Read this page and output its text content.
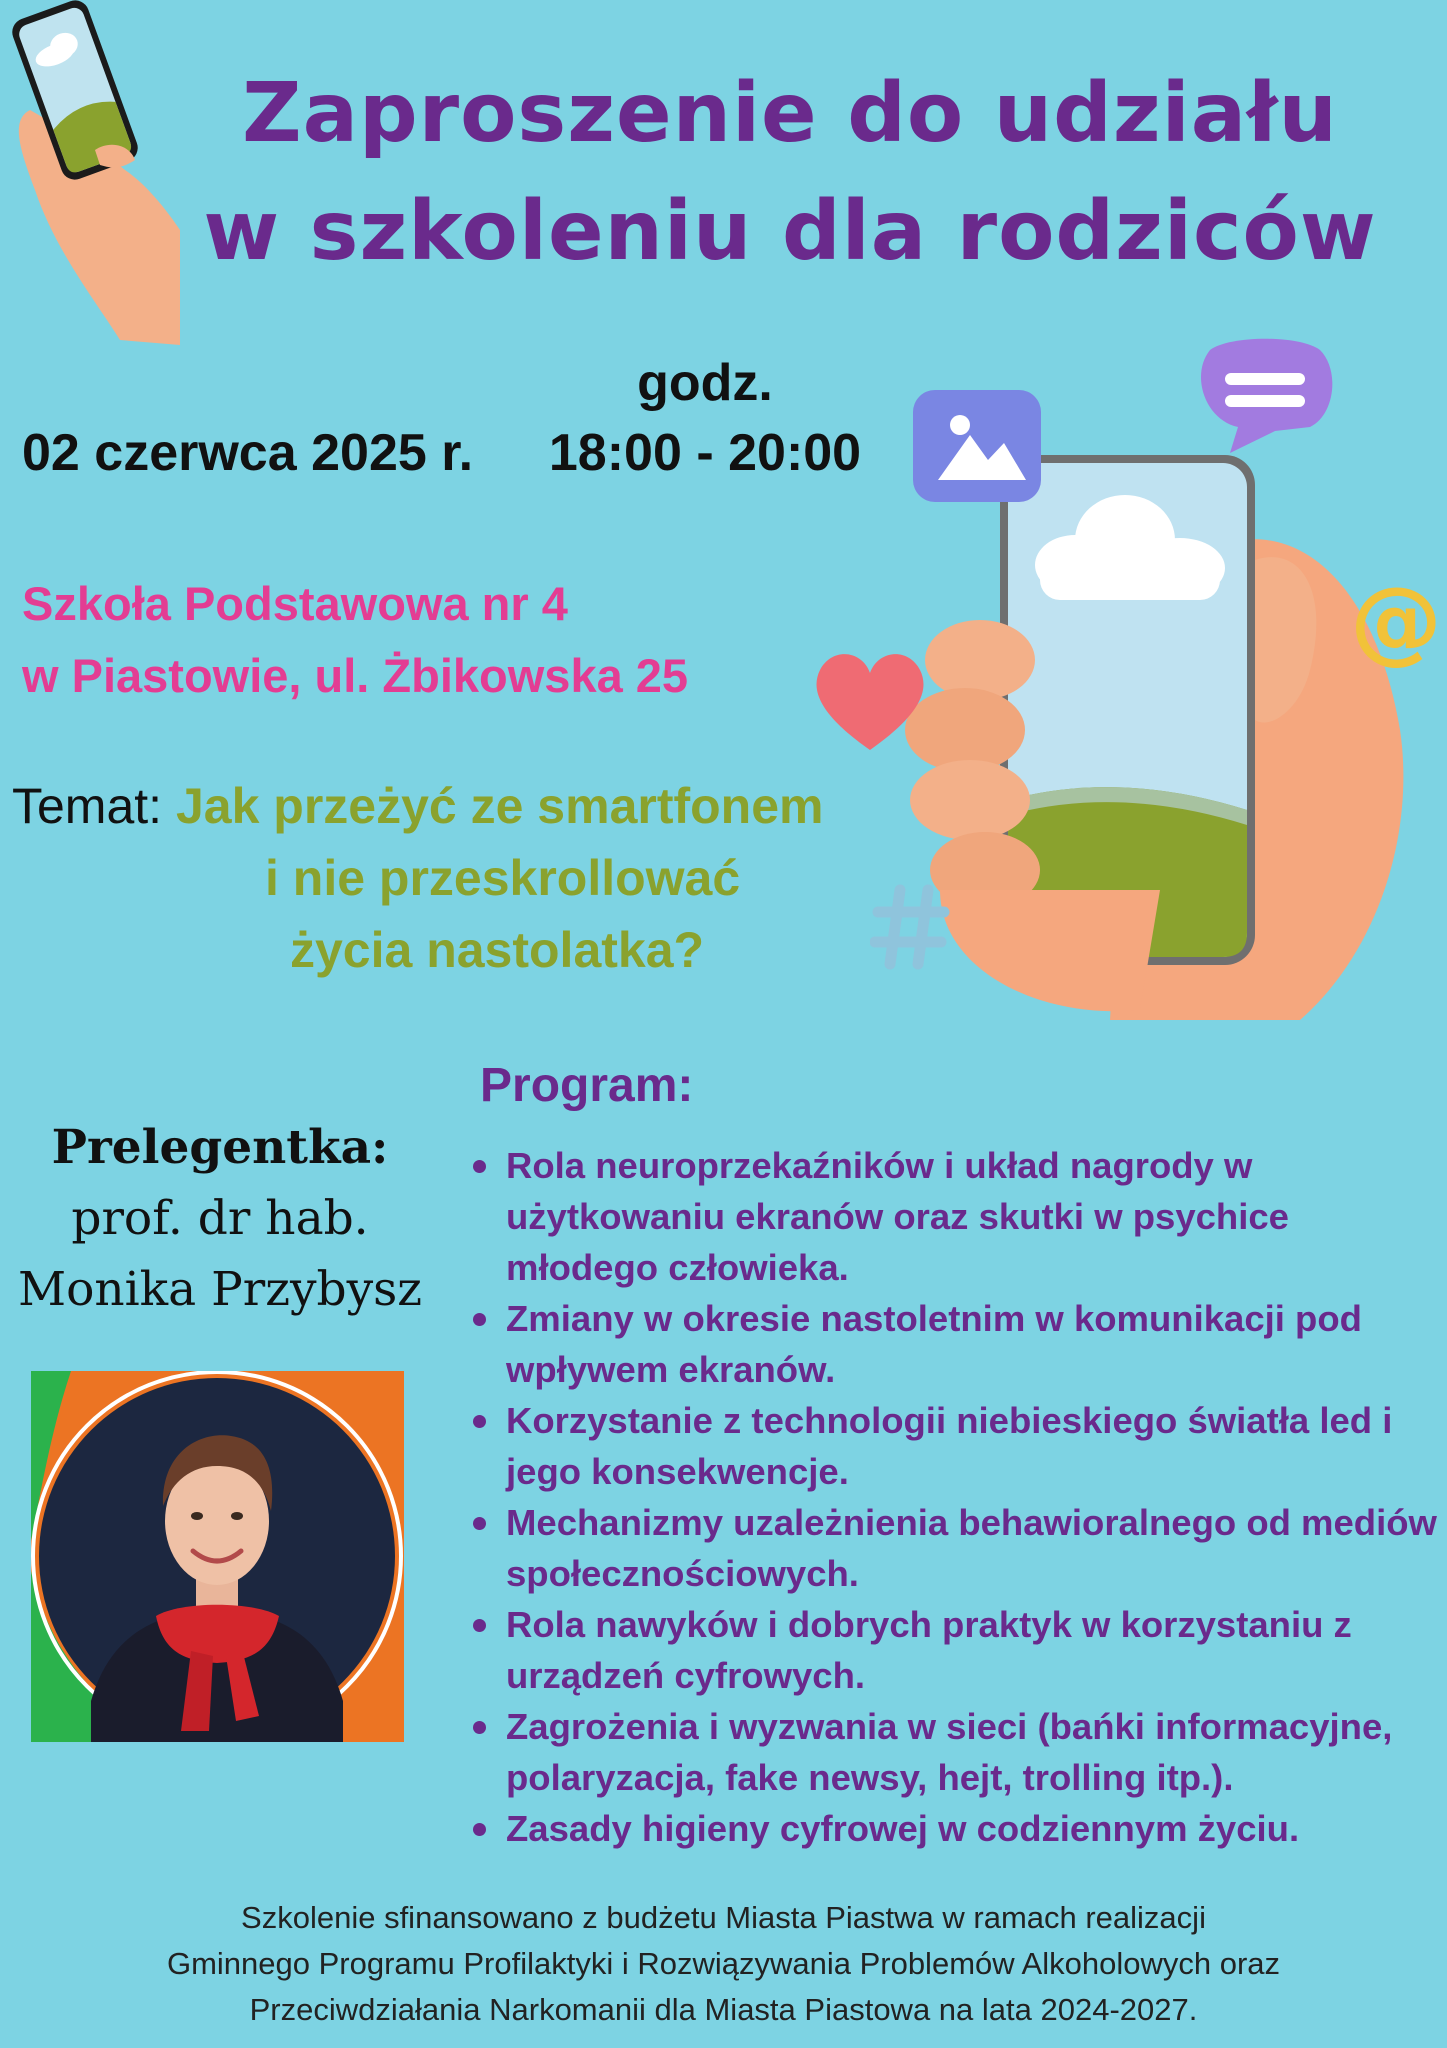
Zaproszenie do udziału
w szkoleniu dla rodziców
02 czerwca 2025 r.
godz.
18:00 - 20:00
Szkoła Podstawowa nr 4
w Piastowie, ul. Żbikowska 25
Temat: Jak przeżyć ze smartfonem
i nie przeskrollować
życia nastolatka?
@
Prelegentka:
prof. dr hab.
Monika Przybysz
Program:
Rola neuroprzekaźników i układ nagrody w użytkowaniu ekranów oraz skutki w psychice młodego człowieka.
Zmiany w okresie nastoletnim w komunikacji pod wpływem ekranów.
Korzystanie z technologii niebieskiego światła led i jego konsekwencje.
Mechanizmy uzależnienia behawioralnego od mediów społecznościowych.
Rola nawyków i dobrych praktyk w korzystaniu z urządzeń cyfrowych.
Zagrożenia i wyzwania w sieci (bańki informacyjne, polaryzacja, fake newsy, hejt, trolling itp.).
Zasady higieny cyfrowej w codziennym życiu.
Szkolenie sfinansowano z budżetu Miasta Piastwa w ramach realizacji
Gminnego Programu Profilaktyki i Rozwiązywania Problemów Alkoholowych oraz
Przeciwdziałania Narkomanii dla Miasta Piastowa na lata 2024-2027.
